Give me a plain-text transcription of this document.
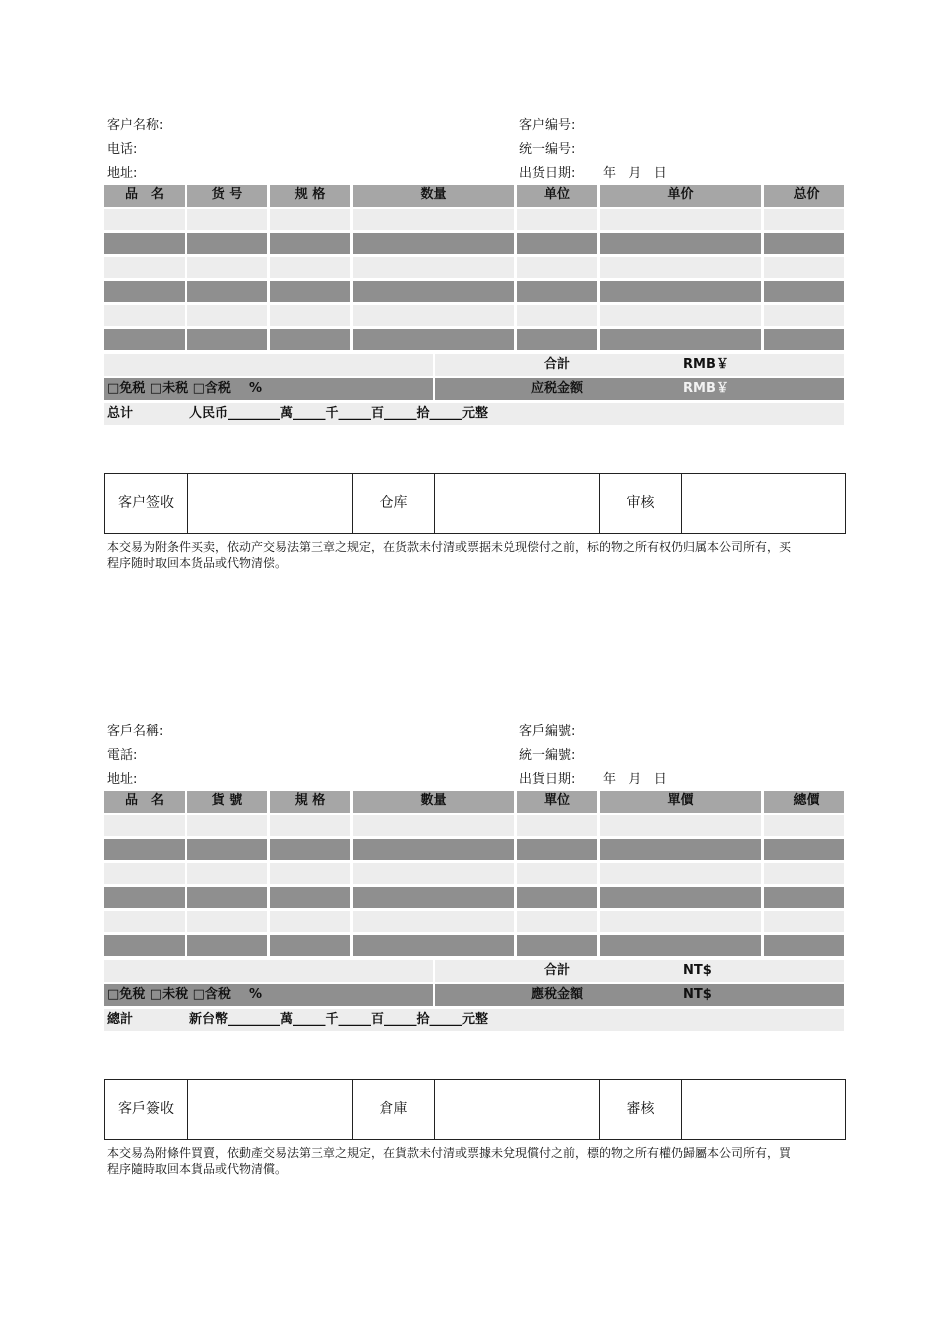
客户名称:	客户编号:
电话:	统一编号:
地址:	出货日期: 年   月   日
品　名	货 号	规 格	数量	单位	单价	总价
合計	RMB￥
□免税 □未税 □含税    %	应税金额	RMB￥
总计	人民币________萬_____千_____百_____拾_____元整
客户签收	仓库	审核
本交易为附条件买卖，依动产交易法第三章之规定，在货款未付清或票据未兑现偿付之前，标的物之所有权仍归属本公司所有，买
程序随时取回本货品或代物清偿。
客戶名稱:	客戶編號:
電話:	統一編號:
地址:	出貨日期: 年   月   日
品　名	貨 號	規 格	數量	單位	單價	總價
合計	NT$
□免稅 □未稅 □含稅    %	應稅金額	NT$
總計	新台幣________萬_____千_____百_____拾_____元整
客戶簽收	倉庫	審核
本交易為附條件買賣，依動產交易法第三章之規定，在貨款未付清或票據未兌現償付之前，標的物之所有權仍歸屬本公司所有，買
程序隨時取回本貨品或代物清償。
